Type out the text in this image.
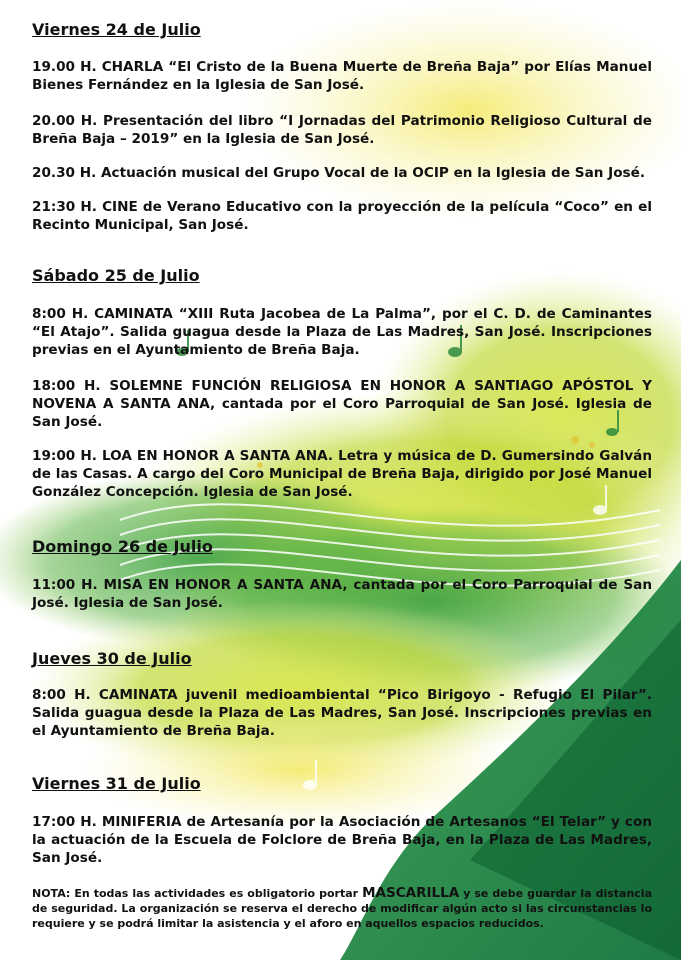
Viernes 24 de Julio
19.00 H. CHARLA “El Cristo de la Buena Muerte de Breña Baja” por Elías Manuel Bienes Fernández en la Iglesia de San José.
20.00 H. Presentación del libro “I Jornadas del Patrimonio Religioso Cultural de Breña Baja – 2019” en la Iglesia de San José.
20.30 H. Actuación musical del Grupo Vocal de la OCIP en la Iglesia de San José.
21:30 H. CINE de Verano Educativo con la proyección de la película “Coco” en el Recinto Municipal, San José.
Sábado 25 de Julio
8:00 H. CAMINATA “XIII Ruta Jacobea de La Palma”, por el C. D. de Caminantes “El Atajo”. Salida guagua desde la Plaza de Las Madres, San José. Inscripciones previas en el Ayuntamiento de Breña Baja.
18:00 H. SOLEMNE FUNCIÓN RELIGIOSA EN HONOR A SANTIAGO APÓSTOL Y NOVENA A SANTA ANA, cantada por el Coro Parroquial de San José. Iglesia de San José.
19:00 H. LOA EN HONOR A SANTA ANA. Letra y música de D. Gumersindo Galván de las Casas. A cargo del Coro Municipal de Breña Baja, dirigido por José Manuel González Concepción. Iglesia de San José.
Domingo 26 de Julio
11:00 H. MISA EN HONOR A SANTA ANA, cantada por el Coro Parroquial de San José. Iglesia de San José.
Jueves 30 de Julio
8:00 H. CAMINATA juvenil medioambiental “Pico Birigoyo - Refugio El Pilar”. Salida guagua desde la Plaza de Las Madres, San José. Inscripciones previas en el Ayuntamiento de Breña Baja.
Viernes 31 de Julio
17:00 H. MINIFERIA de Artesanía por la Asociación de Artesanos “El Telar” y con la actuación de la Escuela de Folclore de Breña Baja, en la Plaza de Las Madres, San José.
NOTA: En todas las actividades es obligatorio portar MASCARILLA y se debe guardar la distancia de seguridad. La organización se reserva el derecho de modificar algún acto si las circunstancias lo requiere y se podrá limitar la asistencia y el aforo en aquellos espacios reducidos.
